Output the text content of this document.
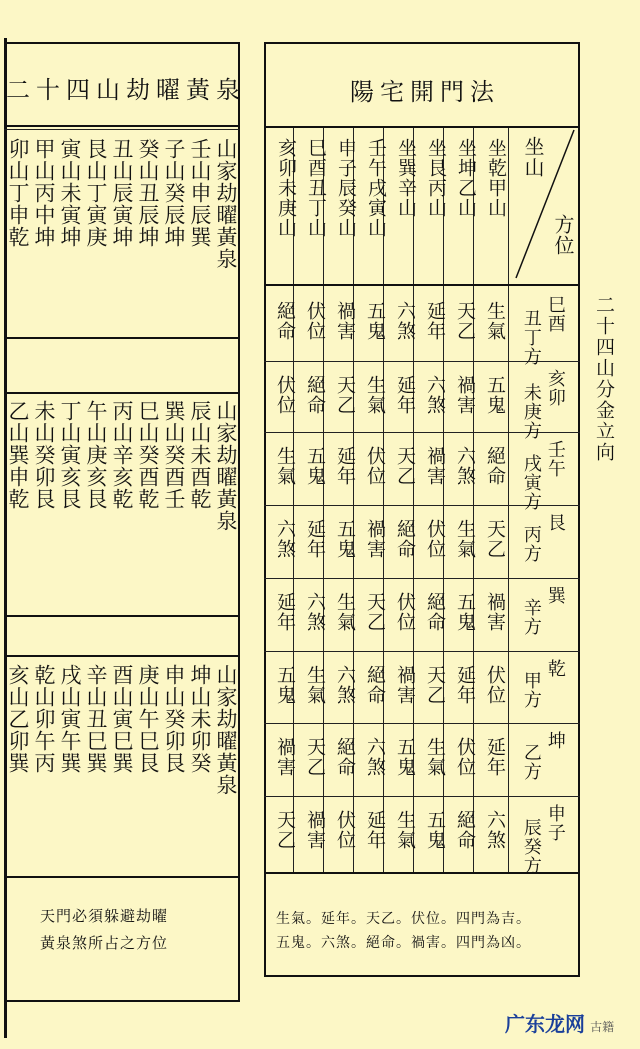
二十四山劫曜黃泉
山家劫曜黃泉
壬山申辰巽
子山癸辰坤
癸山丑辰坤
丑山辰寅坤
艮山丁寅庚
寅山未寅坤
甲山丙中坤
卯山丁申乾
山家劫曜黃泉
辰山未酉乾
巽山癸酉壬
巳山癸酉乾
丙山辛亥乾
午山庚亥艮
丁山寅亥艮
未山癸卯艮
乙山巽申乾
山家劫曜黃泉
坤山未卯癸
申山癸卯艮
庚山午巳艮
酉山寅巳巽
辛山丑巳巽
戌山寅午巽
乾山卯午丙
亥山乙卯巽
天門必須躲避劫曜
黃泉煞所占之方位
陽宅開門法
坐山
方位
坐乾甲山
坐坤乙山
坐艮丙山
坐巽辛山
壬午戌寅山
申子辰癸山
巳酉丑丁山
亥卯未庚山
巳酉
丑丁方
生氣
天乙
延年
六煞
五鬼
禍害
伏位
絕命
亥卯
未庚方
五鬼
禍害
六煞
延年
生氣
天乙
絕命
伏位
壬午
戌寅方
絕命
六煞
禍害
天乙
伏位
延年
五鬼
生氣
艮
丙方
天乙
生氣
伏位
絕命
禍害
五鬼
延年
六煞
巽
辛方
禍害
五鬼
絕命
伏位
天乙
生氣
六煞
延年
乾
甲方
伏位
延年
天乙
禍害
絕命
六煞
生氣
五鬼
坤
乙方
延年
伏位
生氣
五鬼
六煞
絕命
天乙
禍害
申子
辰癸方
六煞
絕命
五鬼
生氣
延年
伏位
禍害
天乙
生氣。延年。天乙。伏位。四門為吉。
五鬼。六煞。絕命。禍害。四門為凶。
二十四山分金立向
广东龙网 古籍
